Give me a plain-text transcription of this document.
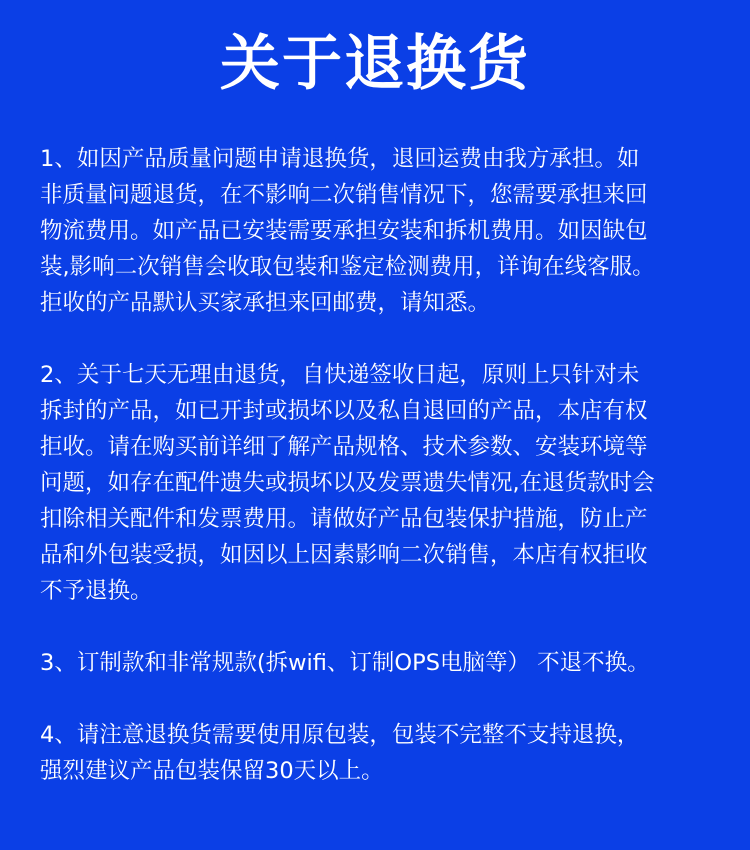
关于退换货

1、如因产品质量问题申请退换货，退回运费由我方承担。如
非质量问题退货，在不影响二次销售情况下，您需要承担来回
物流费用。如产品已安装需要承担安装和拆机费用。如因缺包
装,影响二次销售会收取包装和鉴定检测费用，详询在线客服。
拒收的产品默认买家承担来回邮费，请知悉。

2、关于七天无理由退货，自快递签收日起，原则上只针对未
拆封的产品，如已开封或损坏以及私自退回的产品，本店有权
拒收。请在购买前详细了解产品规格、技术参数、安装环境等
问题，如存在配件遗失或损坏以及发票遗失情况,在退货款时会
扣除相关配件和发票费用。请做好产品包装保护措施，防止产
品和外包装受损，如因以上因素影响二次销售，本店有权拒收
不予退换。

3、订制款和非常规款(拆wifi、订制OPS电脑等） 不退不换。

4、请注意退换货需要使用原包装，包装不完整不支持退换，
强烈建议产品包装保留30天以上。
